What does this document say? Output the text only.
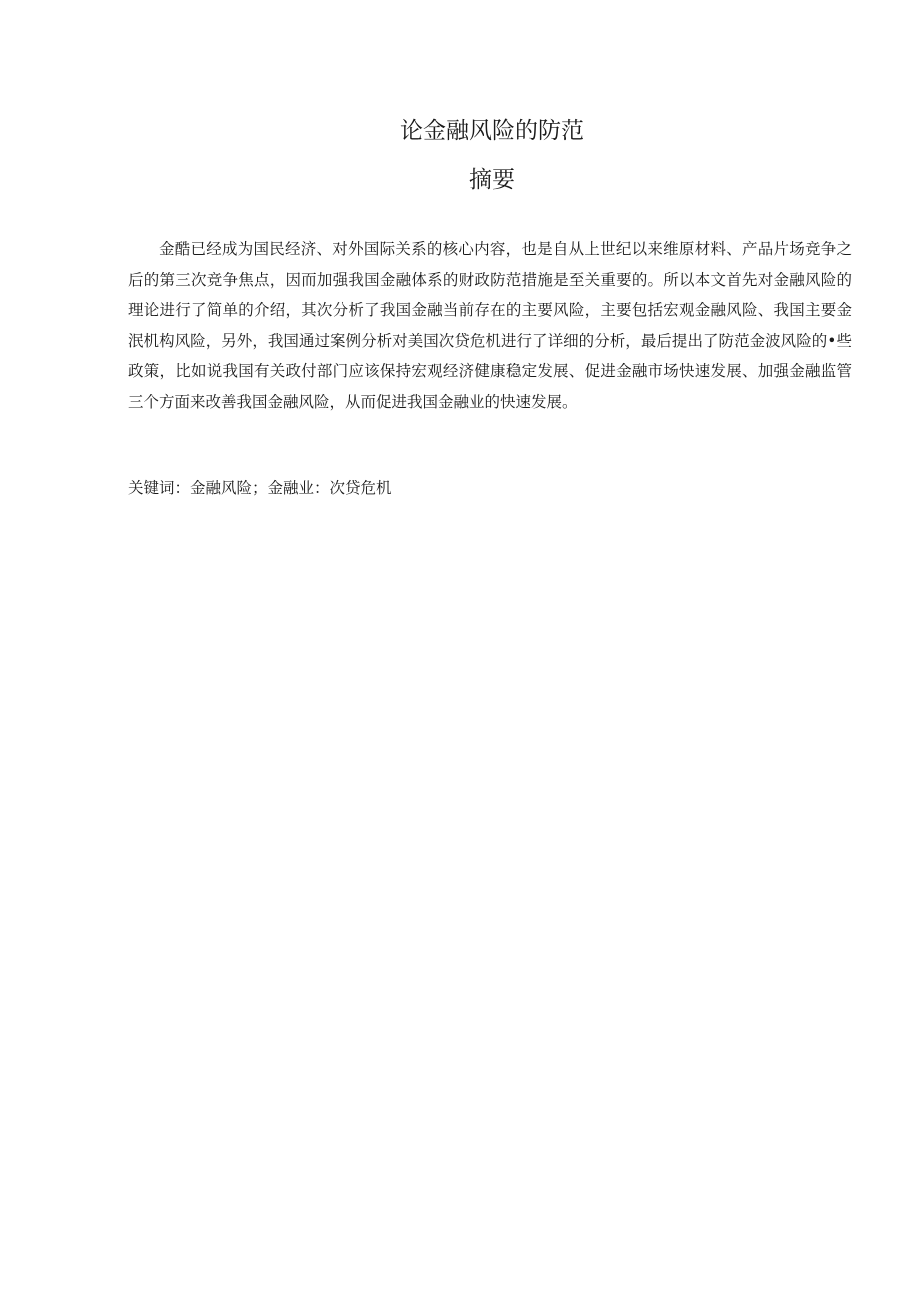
论金融风险的防范
摘要

金酷已经成为国民经济、对外国际关系的核心内容，也是自从上世纪以来维原材料、产品片场竞争之后的第三次竞争焦点，因而加强我国金融体系的财政防范措施是至关重要的。所以本文首先对金融风险的理论进行了简单的介绍，其次分析了我国金融当前存在的主要风险，主要包括宏观金融风险、我国主要金泯机构风险，另外，我国通过案例分析对美国次贷危机进行了详细的分析，最后提出了防范金波风险的•些政策，比如说我国有关政付部门应该保持宏观经济健康稳定发展、促进金融市场快速发展、加强金融监管三个方面来改善我国金融风险，从而促进我国金融业的快速发展。

关键词：金融风险；金融业：次贷危机
